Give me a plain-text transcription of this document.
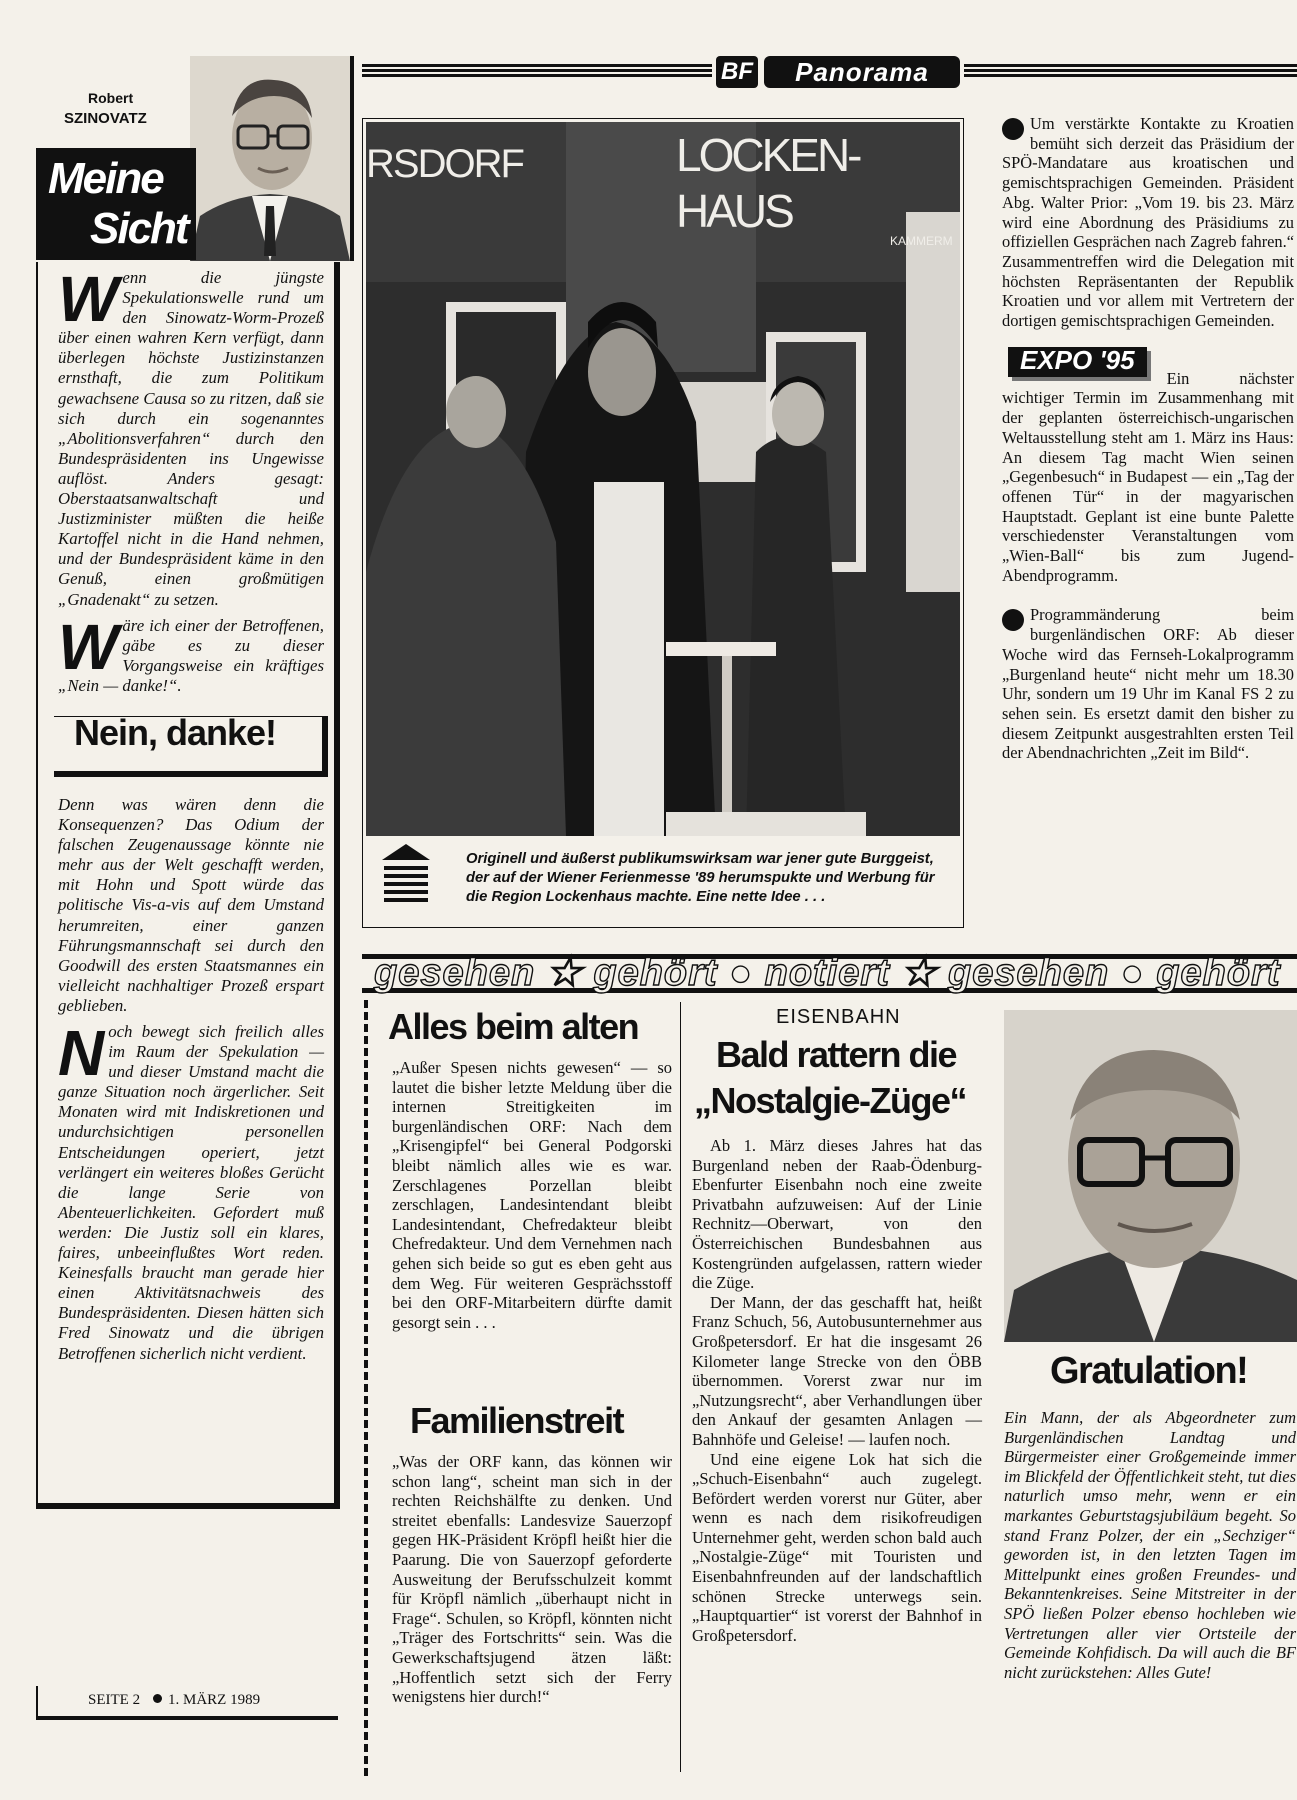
Robert
SZINOVATZ
Meine
Sicht

Wenn die jüngste Spekulationswelle rund um den Sinowatz-Worm-Prozeß über einen wahren Kern verfügt, dann überlegen höchste Justizinstanzen ernsthaft, die zum Politikum gewachsene Causa so zu ritzen, daß sie sich durch ein sogenanntes „Abolitionsverfahren“ durch den Bundespräsidenten ins Ungewisse auflöst. Anders gesagt: Oberstaatsanwaltschaft und Justizminister müßten die heiße Kartoffel nicht in die Hand nehmen, und der Bundespräsident käme in den Genuß, einen großmütigen „Gnadenakt“ zu setzen.

Wäre ich einer der Betroffenen, gäbe es zu dieser Vorgangsweise ein kräftiges „Nein — danke!“.

Nein, danke!

Denn was wären denn die Konsequenzen? Das Odium der falschen Zeugenaussage könnte nie mehr aus der Welt geschafft werden, mit Hohn und Spott würde das politische Vis-a-vis auf dem Umstand herumreiten, einer ganzen Führungsmannschaft sei durch den Goodwill des ersten Staatsmannes ein vielleicht nachhaltiger Prozeß erspart geblieben.

Noch bewegt sich freilich alles im Raum der Spekulation — und dieser Umstand macht die ganze Situation noch ärgerlicher. Seit Monaten wird mit Indiskretionen und undurchsichtigen personellen Entscheidungen operiert, jetzt verlängert ein weiteres bloßes Gerücht die lange Serie von Abenteuerlichkeiten. Gefordert muß werden: Die Justiz soll ein klares, faires, unbeeinflußtes Wort reden. Keinesfalls braucht man gerade hier einen Aktivitätsnachweis des Bundespräsidenten. Diesen hätten sich Fred Sinowatz und die übrigen Betroffenen sicherlich nicht verdient.

SEITE 2 1. MÄRZ 1989
BF	Panorama
RSDORF	LOCKEN-
HAUS
KAMMERM
Originell und äußerst publikumswirksam war jener gute Burggeist, der auf der Wiener Ferienmesse '89 herumspukte und Werbung für die Region Lockenhaus machte. Eine nette Idee . . .

Um verstärkte Kontakte zu Kroatien bemüht sich derzeit das Präsidium der SPÖ-Mandatare aus kroatischen und gemischtsprachigen Gemeinden. Präsident Abg. Walter Prior: „Vom 19. bis 23. März wird eine Abordnung des Präsidiums zu offiziellen Gesprächen nach Zagreb fahren.“ Zusammentreffen wird die Delegation mit höchsten Repräsentanten der Republik Kroatien und vor allem mit Vertretern der dortigen gemischtsprachigen Gemeinden.

EXPO '95

Ein nächster wichtiger Termin im Zusammenhang mit der geplanten österreichisch-ungarischen Weltausstellung steht am 1. März ins Haus: An diesem Tag macht Wien seinen „Gegenbesuch“ in Budapest — ein „Tag der offenen Tür“ in der magyarischen Hauptstadt. Geplant ist eine bunte Palette verschiedenster Veranstaltungen vom „Wien-Ball“ bis zum Jugend-Abendprogramm.

Programmänderung beim burgenländischen ORF: Ab dieser Woche wird das Fernseh-Lokalprogramm „Burgenland heute“ nicht mehr um 18.30 Uhr, sondern um 19 Uhr im Kanal FS 2 zu sehen sein. Es ersetzt damit den bisher zu diesem Zeitpunkt ausgestrahlten ersten Teil der Abendnachrichten „Zeit im Bild“.

gesehen ★ gehört ● notiert ★ gesehen ● gehört
Alles beim alten
„Außer Spesen nichts gewesen“ — so lautet die bisher letzte Meldung über die internen Streitigkeiten im burgenländischen ORF: Nach dem „Krisengipfel“ bei General Podgorski bleibt nämlich alles wie es war. Zerschlagenes Porzellan bleibt zerschlagen, Landesintendant bleibt Landesintendant, Chefredakteur bleibt Chefredakteur. Und dem Vernehmen nach gehen sich beide so gut es eben geht aus dem Weg. Für weiteren Gesprächsstoff bei den ORF-Mitarbeitern dürfte damit gesorgt sein . . .
Familienstreit
„Was der ORF kann, das können wir schon lang“, scheint man sich in der rechten Reichshälfte zu denken. Und streitet ebenfalls: Landesvize Sauerzopf gegen HK-Präsident Kröpfl heißt hier die Paarung. Die von Sauerzopf geforderte Ausweitung der Berufsschulzeit kommt für Kröpfl nämlich „überhaupt nicht in Frage“. Schulen, so Kröpfl, könnten nicht „Träger des Fortschritts“ sein. Was die Gewerkschaftsjugend ätzen läßt: „Hoffentlich setzt sich der Ferry wenigstens hier durch!“
EISENBAHN
Bald rattern die
„Nostalgie-Züge“

Ab 1. März dieses Jahres hat das Burgenland neben der Raab-Ödenburg-Ebenfurter Eisenbahn noch eine zweite Privatbahn aufzuweisen: Auf der Linie Rechnitz—Oberwart, von den Österreichischen Bundesbahnen aus Kostengründen aufgelassen, rattern wieder die Züge.

Der Mann, der das geschafft hat, heißt Franz Schuch, 56, Autobusunternehmer aus Großpetersdorf. Er hat die insgesamt 26 Kilometer lange Strecke von den ÖBB übernommen. Vorerst zwar nur im „Nutzungsrecht“, aber Verhandlungen über den Ankauf der gesamten Anlagen — Bahnhöfe und Geleise! — laufen noch.

Und eine eigene Lok hat sich die „Schuch-Eisenbahn“ auch zugelegt. Befördert werden vorerst nur Güter, aber wenn es nach dem risikofreudigen Unternehmer geht, werden schon bald auch „Nostalgie-Züge“ mit Touristen und Eisenbahnfreunden auf der landschaftlich schönen Strecke unterwegs sein. „Hauptquartier“ ist vorerst der Bahnhof in Großpetersdorf.

Gratulation!
Ein Mann, der als Abgeordneter zum Burgenländischen Landtag und Bürgermeister einer Großgemeinde immer im Blickfeld der Öffentlichkeit steht, tut dies naturlich umso mehr, wenn er ein markantes Geburtstagsjubiläum begeht. So stand Franz Polzer, der ein „Sechziger“ geworden ist, in den letzten Tagen im Mittelpunkt eines großen Freundes- und Bekanntenkreises. Seine Mitstreiter in der SPÖ ließen Polzer ebenso hochleben wie Vertretungen aller vier Ortsteile der Gemeinde Kohfidisch. Da will auch die BF nicht zurückstehen: Alles Gute!
